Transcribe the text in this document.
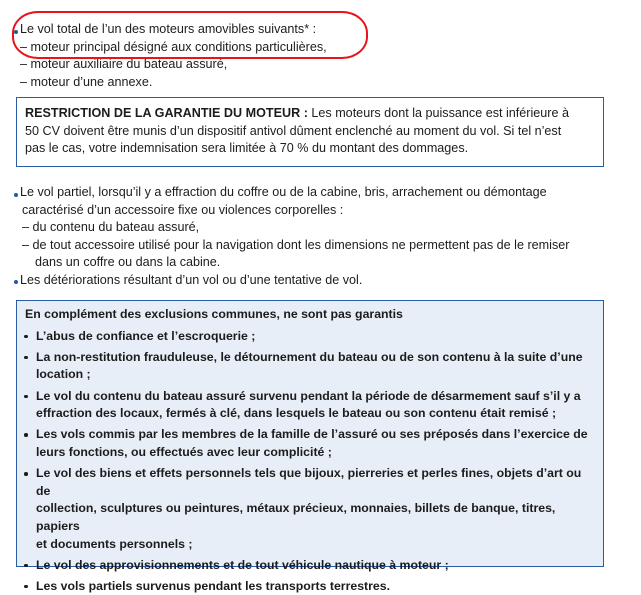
Le vol total de l’un des moteurs amovibles suivants* :
– moteur principal désigné aux conditions particulières,
– moteur auxiliaire du bateau assuré,
– moteur d’une annexe.
RESTRICTION DE LA GARANTIE DU MOTEUR : Les moteurs dont la puissance est inférieure à
50 CV doivent être munis d’un dispositif antivol dûment enclenché au moment du vol. Si tel n’est
pas le cas, votre indemnisation sera limitée à 70 % du montant des dommages.
Le vol partiel, lorsqu’il y a effraction du coffre ou de la cabine, bris, arrachement ou démontage
caractérisé d’un accessoire fixe ou violences corporelles :
– du contenu du bateau assuré,
– de tout accessoire utilisé pour la navigation dont les dimensions ne permettent pas de le remiser
dans un coffre ou dans la cabine.
Les détériorations résultant d’un vol ou d’une tentative de vol.
En complément des exclusions communes, ne sont pas garantis
L’abus de confiance et l’escroquerie ;
La non-restitution frauduleuse, le détournement du bateau ou de son contenu à la suite d’une
location ;
Le vol du contenu du bateau assuré survenu pendant la période de désarmement sauf s’il y a
effraction des locaux, fermés à clé, dans lesquels le bateau ou son contenu était remisé ;
Les vols commis par les membres de la famille de l’assuré ou ses préposés dans l’exercice de
leurs fonctions, ou effectués avec leur complicité ;
Le vol des biens et effets personnels tels que bijoux, pierreries et perles fines, objets d’art ou de
collection, sculptures ou peintures, métaux précieux, monnaies, billets de banque, titres, papiers
et documents personnels ;
Le vol des approvisionnements et de tout véhicule nautique à moteur ;
Les vols partiels survenus pendant les transports terrestres.
